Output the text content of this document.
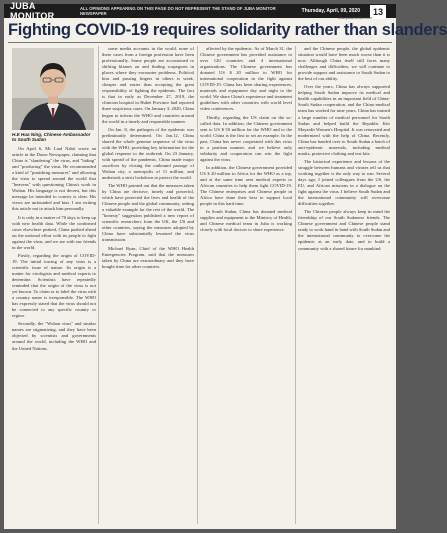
JUBA MONITOR
ALL OPINIONS APPEARING ON THIS PAGE DO NOT REPRESENT THE STAND OF JUBA MONITOR NEWSPAPER	Thursday, April, 09, 2020	13
www.jubamonitor.com
Fighting COVID-19 requires solidarity rather than slanders
H.E Hua Ning, Chinese Ambassador to South Sudan

On April 6, Mr Lual Nabii wrote an article in the Dawn Newspaper, claiming that China is "slandering" the virus, and "hiding" and "producing" the virus. He recommended a kind of "punishing measures" and allowing the virus to spread around the world that "heavens" with questioning China's work in Wuhan. His language is not decent, but this message he intended to convey is clear. His views are unfounded and bias. I am writing this article not to attack him personally.

It is only in a matter of 70 days to keep up with new health data. While the confirmed cases elsewhere peaked, China pushed ahead on the national effort with its people to fight against the virus, and we are with our friends in the world.

Firstly, regarding the origin of COVID-19. The initial tracing of any virus is a scientific issue of nature. Its origin is a matter for virologists and medical experts to determine. Scientists have repeatedly reminded that the origin of the virus is not yet known. To claim or to label the virus with a country name is irresponsible. The WHO has expressly stated that the virus should not be connected to any specific country or region.

Secondly, the "Wuhan virus" and similar names are stigmatizing, and they have been objected by scientists and governments around the world, including the WHO and the United Nations.

some media accounts in the world, none of these cases from a foreign profession have been professionally. Some people are accustomed to shifting blames on and finding scapegoats in places where they encounter problems. Political bias and passing fingers in others is weak, cheaper and easier than accepting the great responsibility of fighting the epidemic. The fact is that in early as December 27, 2019, the clinician hospital in Hubei Province had reported three suspicious cases. On January 3, 2020, China began to inform the WHO and countries around the world in a timely and responsible manner.

On Jan. 8, the pathogen of the epidemic was preliminarily determined. On Jan.12, China shared the whole genome sequence of the virus with the WHO, providing key information for the global response to the outbreak. On 23 January, with spread of the pandemic, China made major sacrifices by closing the outbound passage of Wuhan city, a metropolis of 11 million, and undertook a strict lockdown to protect the world.

The WHO pointed out that the measures taken by China are decisive, timely and powerful, which have protected the lives and health of the Chinese people and the global community, setting a valuable example for the rest of the world. The "honesty" suggestion published a new report of scientific researchers from the UK, the US and other countries, saying the measures adopted by China have substantially lessened the virus transmission.

Michael Ryan, Chief of the WHO Health Emergencies Program, said that the measures taken by China are extraordinary and they have bought time for other countries.

affected by the epidemic. As of March 31, the Chinese government has provided assistance to over 120 countries and 4 international organizations. The Chinese government has donated US $ 20 million to WHO for international cooperation in the fight against COVID-19. China has been sharing experiences, materials and equipment day and night to the world. We share China's experience and treatment guidelines with other countries with world level video conferences.

Thirdly, regarding the US claim on the so-called data. In addition, the Chinese government sent to US $ 50 million for the WHO and to the world. China is the first to set an example. In the past, China has never cooperated with this virus in a partisan manner, and we believe only solidarity and cooperation can win the fight against the virus.

In addition, the Chinese government provided US $ 20 million to Africa for the WHO as a top, and at the same time sent medical experts to African countries to help them fight COVID-19. The Chinese enterprises and Chinese people in Africa have done their best to support local people in this hard time.

In South Sudan, China has donated medical supplies and equipment to the Ministry of Health, and Chinese medical team in Juba is working closely with local doctors to share experience.

and the Chinese people, the global epidemic situation would have been much worse than it is now. Although China itself still faces many challenges and difficulties, we will continue to provide support and assistance to South Sudan to the best of our ability.

Over the years, China has always supported helping South Sudan improve its medical and health capabilities in an important field of China-South Sudan cooperation, and the China medical team has worked for nine years. China has trained a large number of medical personnel for South Sudan and helped build the Republic Kiir Mayardit Women's Hospital. It was renovated and modernized with the help of China. Recently, China has handed over to South Sudan a batch of anti-epidemic materials, including medical masks, protective clothing and test kits.

The historical experience and lessons of the struggle between humans and viruses tell us that working together is the only way to win. Several days ago, I joined colleagues from the US, the EU, and African missions in a dialogue on the fight against the virus. I believe South Sudan and the international community will overcome difficulties together.

The Chinese people always keep in mind the friendship of our South Sudanese friends. The Chinese government and Chinese people stand ready to work hand in hand with South Sudan and the international community to overcome the epidemic at an early date, and to build a community with a shared future for mankind.
